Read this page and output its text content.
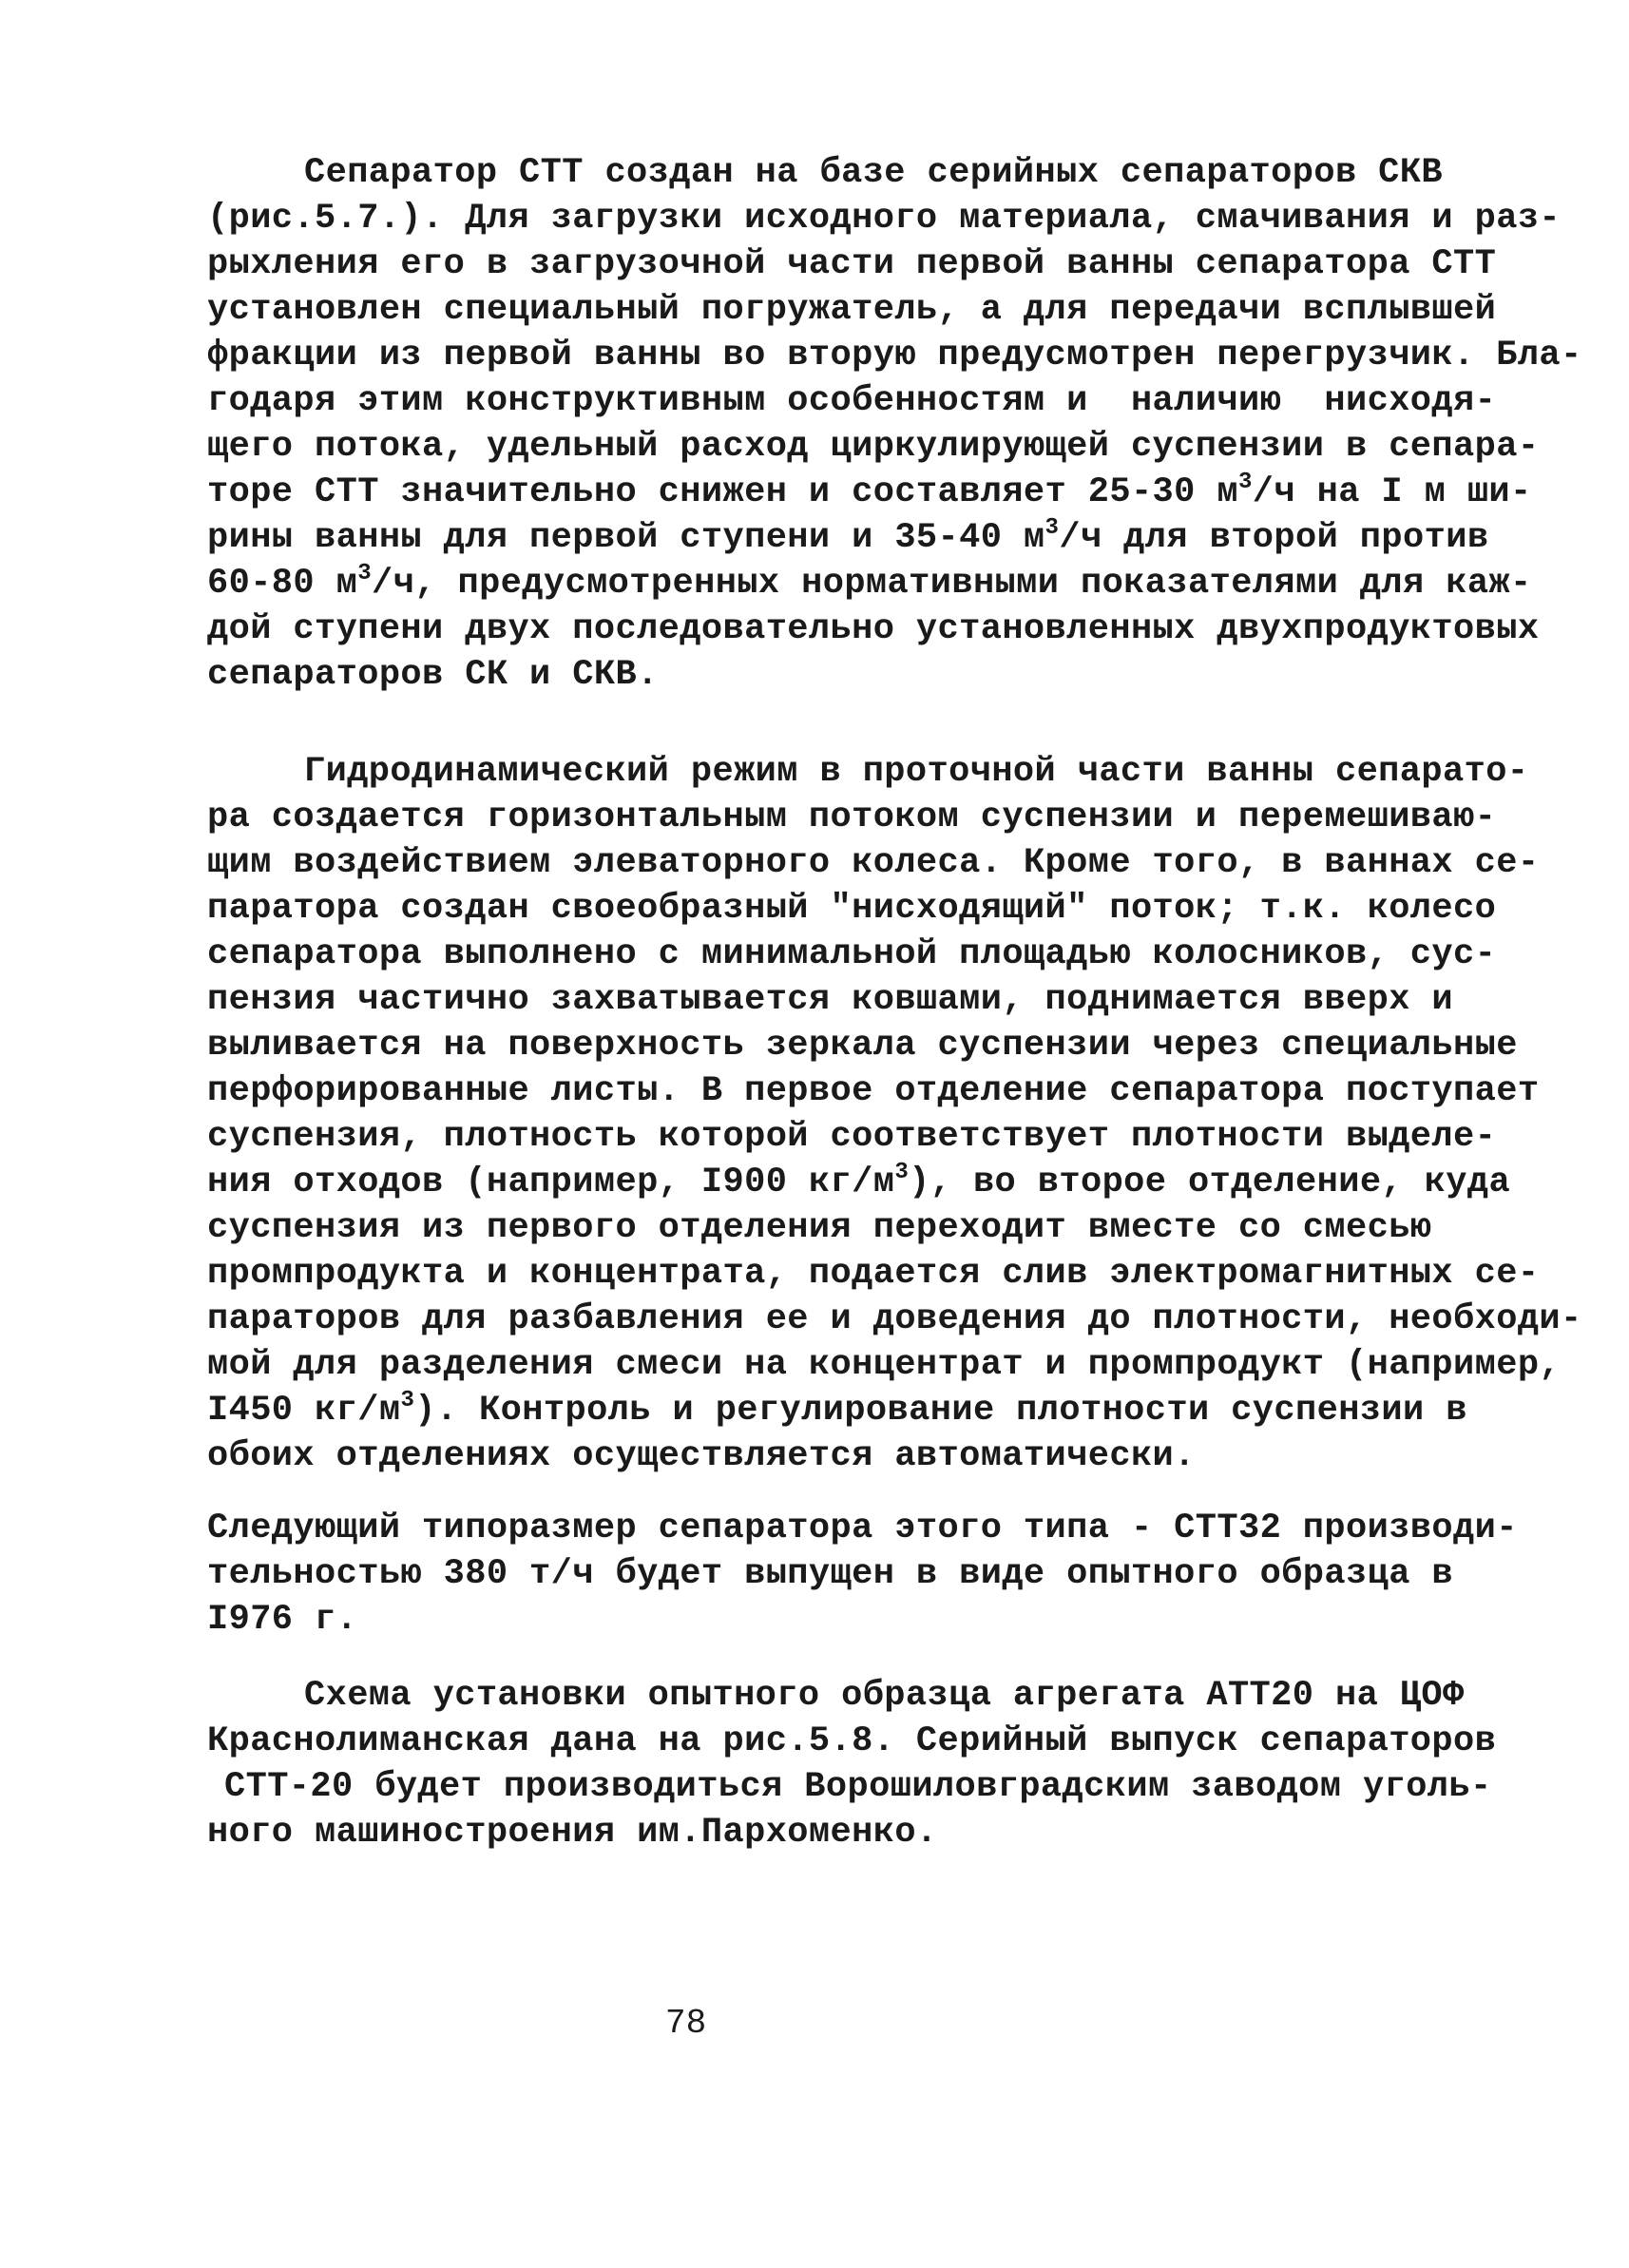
Сепаратор СТТ создан на базе серийных сепараторов СКВ
(рис.5.7.). Для загрузки исходного материала, смачивания и раз-
рыхления его в загрузочной части первой ванны сепаратора СТТ
установлен специальный погружатель, а для передачи всплывшей
фракции из первой ванны во вторую предусмотрен перегрузчик. Бла-
годаря этим конструктивным особенностям и  наличию  нисходя-
щего потока, удельный расход циркулирующей суспензии в сепара-
торе СТТ значительно снижен и составляет 25-30 $м^3/ч$ на I м ши-
рины ванны для первой ступени и 35-40 $м^3/ч$ для второй против
60-80 $м^3/ч$, предусмотренных нормативными показателями для каж-
дой ступени двух последовательно установленных двухпродуктовых
сепараторов СК и СКВ.
Гидродинамический режим в проточной части ванны сепарато-
ра создается горизонтальным потоком суспензии и перемешиваю-
щим воздействием элеваторного колеса. Кроме того, в ваннах се-
паратора создан своеобразный "нисходящий" поток; т.к. колесо
сепаратора выполнено с минимальной площадью колосников, сус-
пензия частично захватывается ковшами, поднимается вверх и
выливается на поверхность зеркала суспензии через специальные
перфорированные листы. В первое отделение сепаратора поступает
суспензия, плотность которой соответствует плотности выделе-
ния отходов (например, I900 $кг/м^3$), во второе отделение, куда
суспензия из первого отделения переходит вместе со смесью
промпродукта и концентрата, подается слив электромагнитных се-
параторов для разбавления ее и доведения до плотности, необходи-
мой для разделения смеси на концентрат и промпродукт (например,
I450 $кг/м^3$). Контроль и регулирование плотности суспензии в
обоих отделениях осуществляется автоматически.
Следующий типоразмер сепаратора этого типа - СТТ32 производи-
тельностью 380 т/ч будет выпущен в виде опытного образца в
I976 г.
Схема установки опытного образца агрегата АТТ20 на ЦОФ
Краснолиманская дана на рис.5.8. Серийный выпуск сепараторов
СТТ-20 будет производиться Ворошиловградским заводом уголь-
ного машиностроения им.Пархоменко.
78
